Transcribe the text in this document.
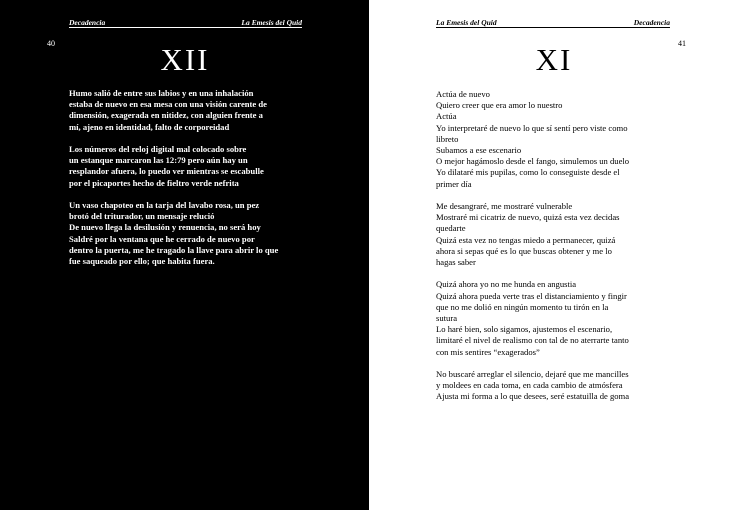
Decadencia	La Emesis del Quid
40	XII

Humo salió de entre sus labios y en una inhalación
estaba de nuevo en esa mesa con una visión carente de
dimensión, exagerada en nitidez, con alguien frente a
mí, ajeno en identidad, falto de corporeidad

Los números del reloj digital mal colocado sobre
un estanque marcaron las 12:79 pero aún hay un
resplandor afuera, lo puedo ver mientras se escabulle
por el picaportes hecho de fieltro verde nefrita

Un vaso chapoteo en la tarja del lavabo rosa, un pez
brotó del triturador, un mensaje relució
De nuevo llega la desilusión y renuencia, no será hoy
Saldré por la ventana que he cerrado de nuevo por
dentro la puerta, me he tragado la llave para abrir lo que
fue saqueado por ello; que habita fuera.

La Emesis del Quid	Decadencia
41
XI

Actúa de nuevo
Quiero creer que era amor lo nuestro
Actúa
Yo interpretaré de nuevo lo que sí sentí pero viste como
libreto
Subamos a ese escenario
O mejor hagámoslo desde el fango, simulemos un duelo
Yo dilataré mis pupilas, como lo conseguiste desde el
primer día

Me desangraré, me mostraré vulnerable
Mostraré mi cicatriz de nuevo, quizá esta vez decidas
quedarte
Quizá esta vez no tengas miedo a permanecer, quizá
ahora si sepas qué es lo que buscas obtener y me lo
hagas saber

Quizá ahora yo no me hunda en angustia
Quizá ahora pueda verte tras el distanciamiento y fingir
que no me dolió en ningún momento tu tirón en la
sutura
Lo haré bien, solo sigamos, ajustemos el escenario,
limitaré el nivel de realismo con tal de no aterrarte tanto
con mis sentires “exagerados”

No buscaré arreglar el silencio, dejaré que me mancilles
y moldees en cada toma, en cada cambio de atmósfera
Ajusta mi forma a lo que desees, seré estatuilla de goma
